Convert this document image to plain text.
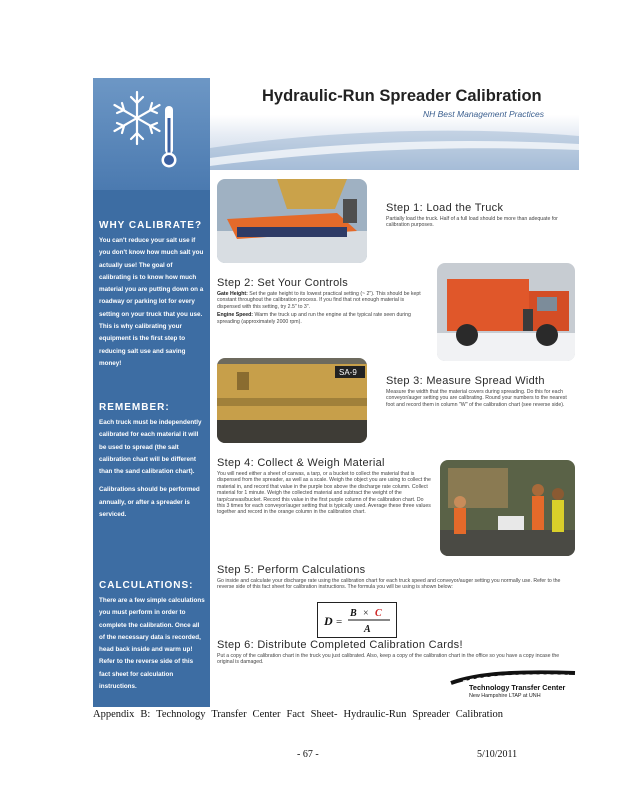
Hydraulic-Run Spreader Calibration
NH Best Management Practices
WHY CALIBRATE?

You can't reduce your salt use if you don't know how much salt you actually use! The goal of calibrating is to know how much material you are putting down on a roadway or parking lot for every setting on your truck that you use. This is why calibrating your equipment is the first step to reducing salt use and saving money!

REMEMBER:

Each truck must be independently calibrated for each material it will be used to spread (the salt calibration chart will be different than the sand calibration chart).

Calibrations should be performed annually, or after a spreader is serviced.

CALCULATIONS:

There are a few simple calculations you must perform in order to complete the calibration. Once all of the necessary data is recorded, head back inside and warm up! Refer to the reverse side of this fact sheet for calculation instructions.

SA-9
Step 1: Load the Truck

Partially load the truck. Half of a full load should be more than adequate for calibration purposes.

Step 2: Set Your Controls

Gate Height: Set the gate height to its lowest practical setting (~ 2"). This should be kept constant throughout the calibration process. If you find that not enough material is dispensed with this setting, try 2.5" to 3".

Engine Speed: Warm the truck up and run the engine at the typical rate seen during spreading (approximately 2000 rpm).

Step 3: Measure Spread Width

Measure the width that the material covers during spreading. Do this for each conveyor/auger setting you are calibrating. Round your numbers to the nearest foot and record them in column "W" of the calibration chart (see reverse side).

Step 4: Collect & Weigh Material

You will need either a sheet of canvas, a tarp, or a bucket to collect the material that is dispensed from the spreader, as well as a scale. Weigh the object you are using to collect the material in, and record that value in the purple box above the discharge rate column. Collect material for 1 minute. Weigh the collected material and subtract the weight of the tarp/canvas/bucket. Record this value in the first purple column of the calibration chart. Do this 3 times for each conveyor/auger setting that is typically used. Average these three values together and record in the orange column in the calibration chart.

Step 5: Perform Calculations

Go inside and calculate your discharge rate using the calibration chart for each truck speed and conveyor/auger setting you normally use. Refer to the reverse side of this fact sheet for calibration instructions. The formula you will be using is shown below:

D =
B × C
A
Step 6: Distribute Completed Calibration Cards!

Put a copy of the calibration chart in the truck you just calibrated. Also, keep a copy of the calibration chart in the office so you have a copy incase the original is damaged.

Technology Transfer Center
New Hampshire LTAP at UNH
Appendix B: Technology Transfer Center Fact Sheet- Hydraulic-Run Spreader Calibration
- 67 -	5/10/2011
